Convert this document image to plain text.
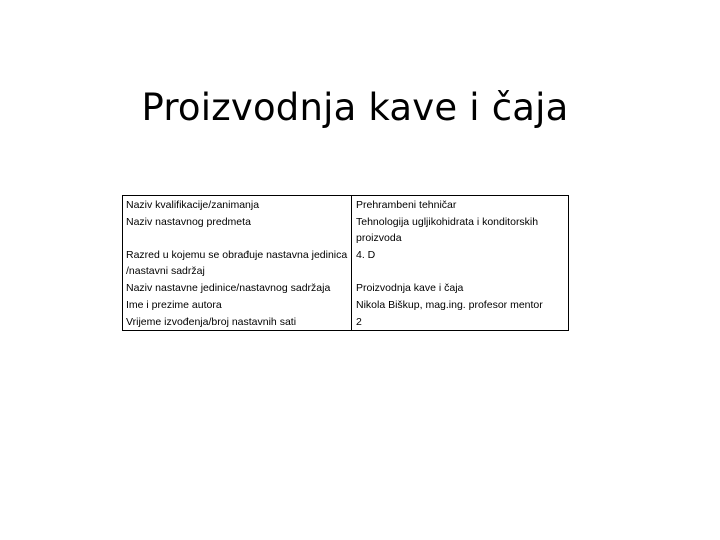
Proizvodnja kave i čaja
Naziv kvalifikacije/zanimanja	Prehrambeni tehničar
Naziv nastavnog predmeta	Tehnologija ugljikohidrata i konditorskih proizvoda
Razred u kojemu se obrađuje nastavna jedinica /nastavni sadržaj	4. D
Naziv nastavne jedinice/nastavnog sadržaja	Proizvodnja kave i čaja
Ime i prezime autora	Nikola Biškup, mag.ing. profesor mentor
Vrijeme izvođenja/broj nastavnih sati	2
